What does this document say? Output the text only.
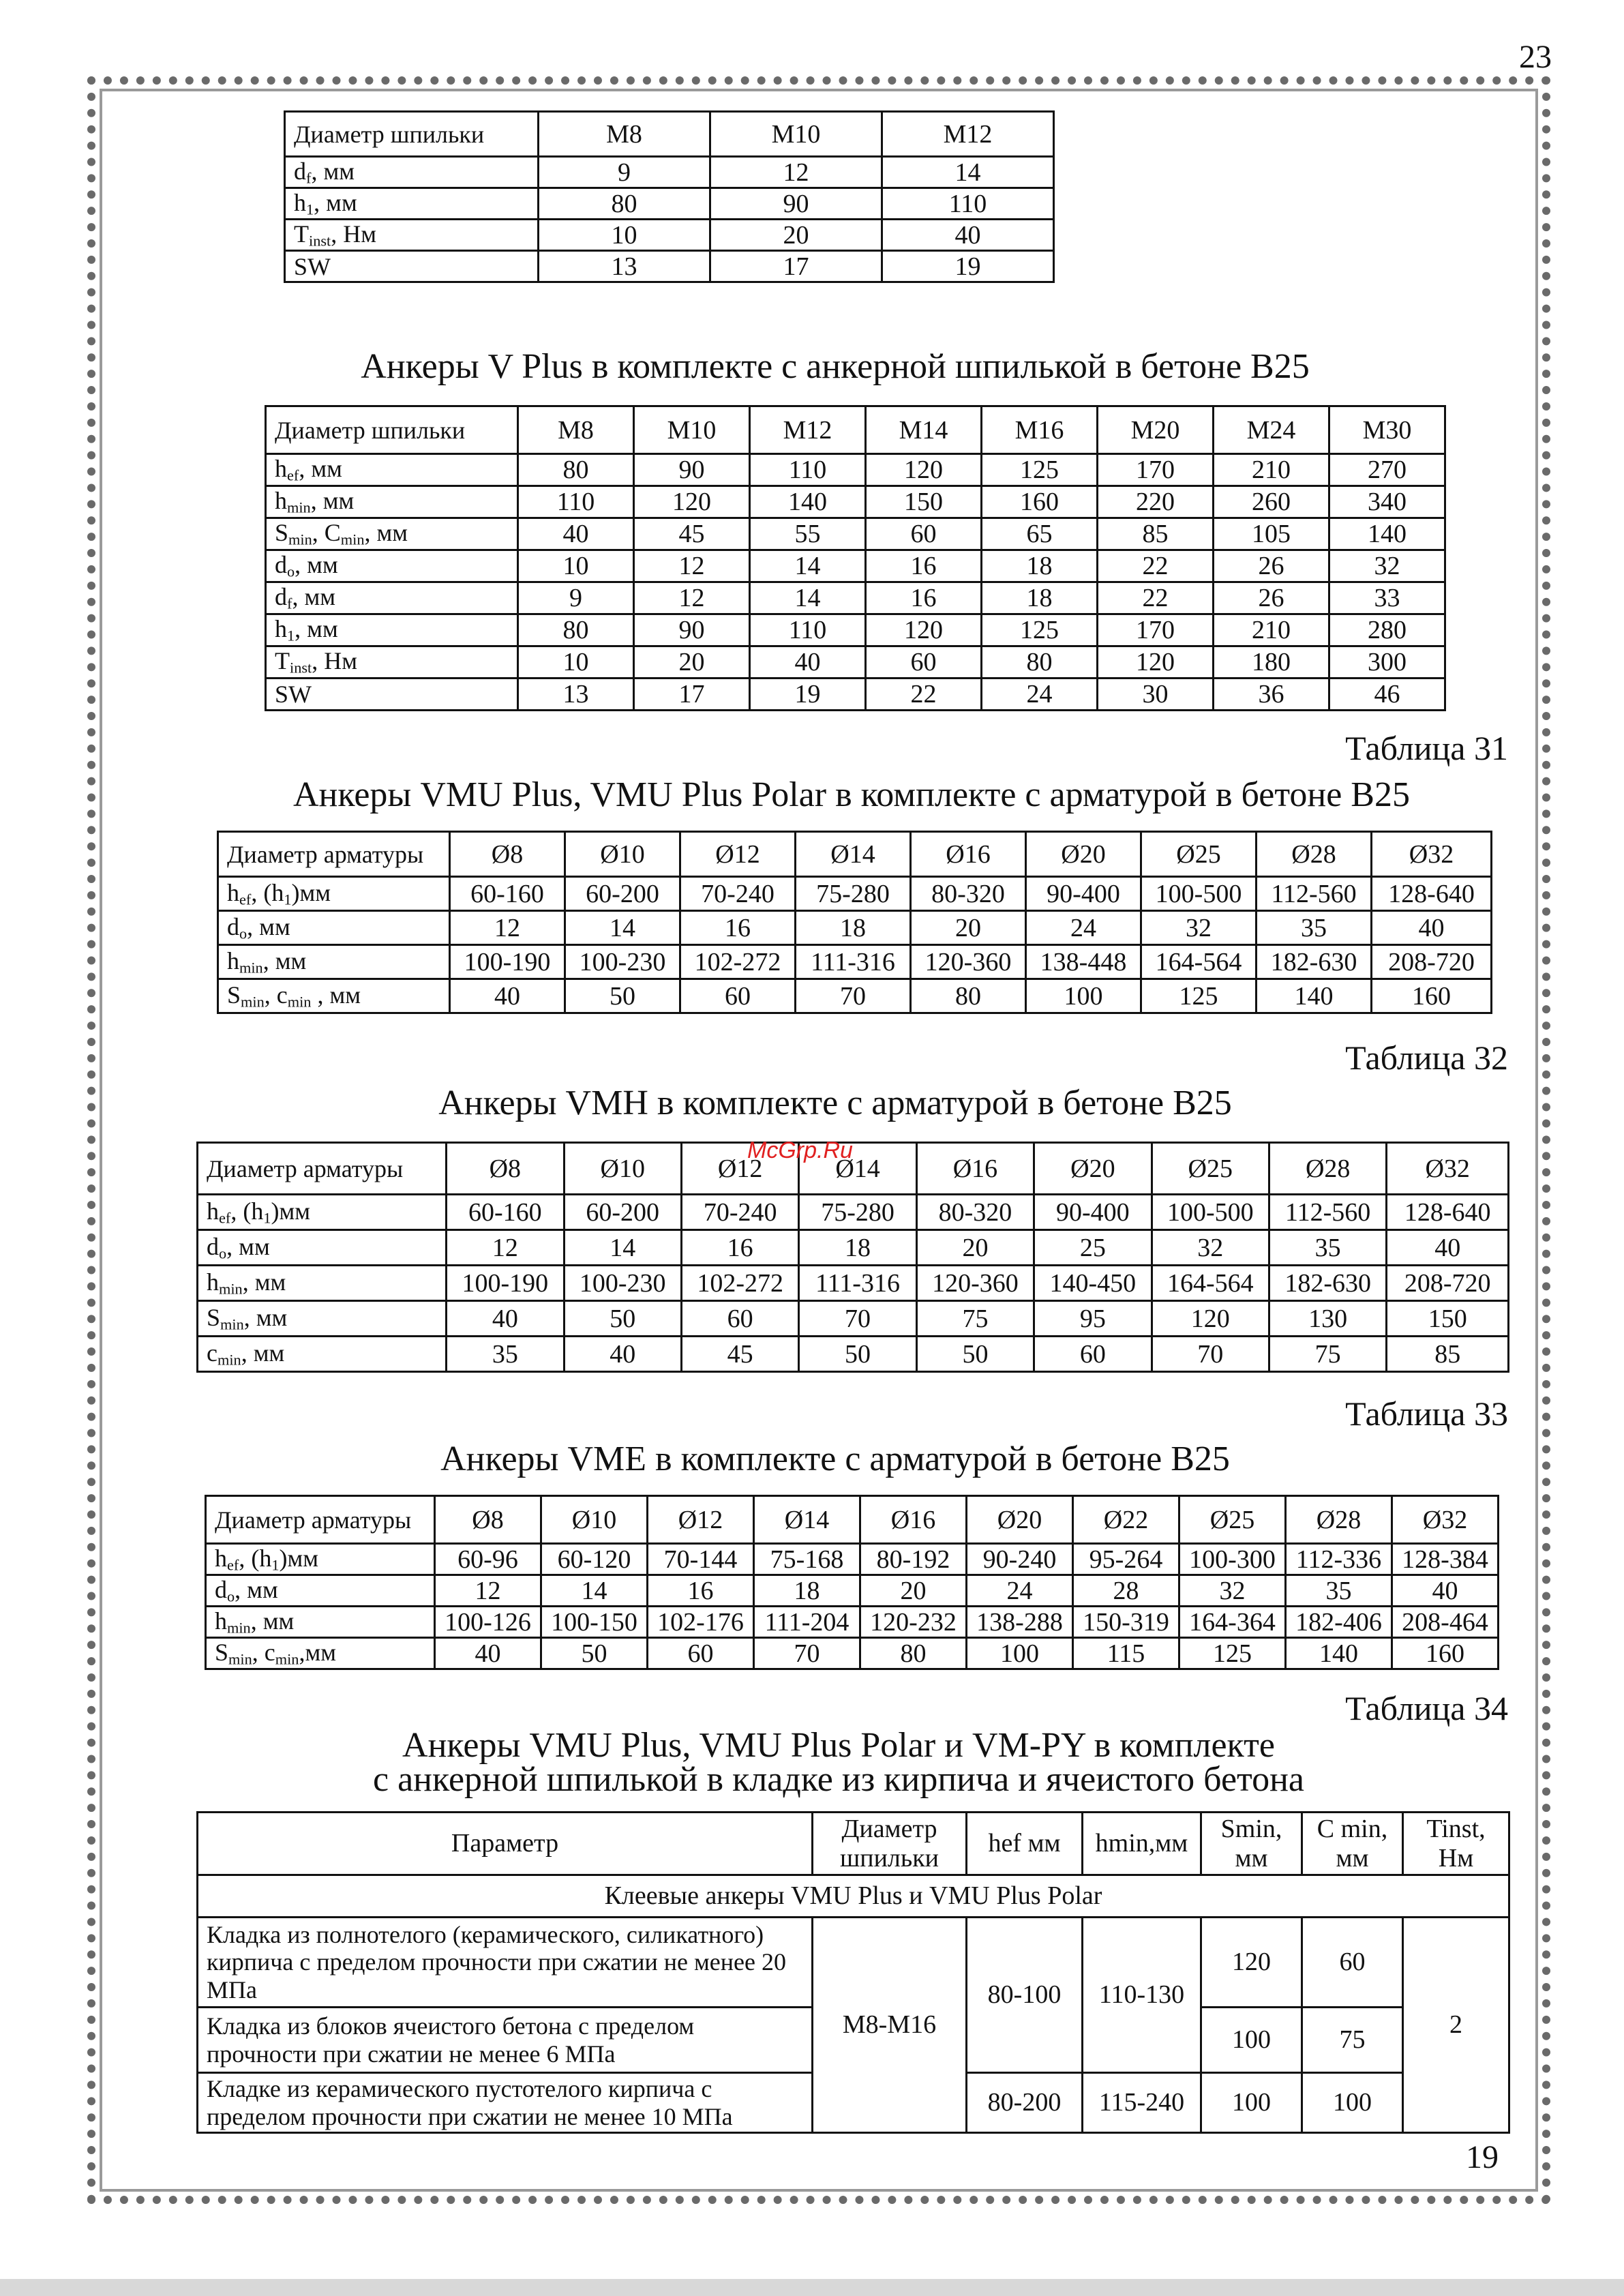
23
Диаметр шпильки	M8	M10	M12
$d_f$, мм	9	12	14
$h_1$, мм	80	90	110
$T_{inst}$, Нм	10	20	40
SW	13	17	19
Анкеры V Plus в комплекте с анкерной шпилькой в бетоне B25
Диаметр шпильки	M8	M10	M12	M14	M16	M20	M24	M30
$h_{ef}$, мм	80	90	110	120	125	170	210	270
$h_{min}$, мм	110	120	140	150	160	220	260	340
$S_{min}$, $C_{min}$, мм	40	45	55	60	65	85	105	140
$d_o$, мм	10	12	14	16	18	22	26	32
$d_f$, мм	9	12	14	16	18	22	26	33
$h_1$, мм	80	90	110	120	125	170	210	280
$T_{inst}$, Нм	10	20	40	60	80	120	180	300
SW	13	17	19	22	24	30	36	46
Таблица 31
Анкеры VMU Plus, VMU Plus Polar в комплекте с арматурой в бетоне B25
Диаметр арматуры	Ø8	Ø10	Ø12	Ø14	Ø16	Ø20	Ø25	Ø28	Ø32
$h_{ef}$, $(h_1)мм$	60-160	60-200	70-240	75-280	80-320	90-400	100-500	112-560	128-640
$d_o$, мм	12	14	16	18	20	24	32	35	40
$h_{min}$, мм	100-190	100-230	102-272	111-316	120-360	138-448	164-564	182-630	208-720
$S_{min}$, $c_{min}$ , мм	40	50	60	70	80	100	125	140	160
Таблица 32
Анкеры VMH в комплекте с арматурой в бетоне B25
Диаметр арматуры	Ø8	Ø10	Ø12	Ø14	Ø16	Ø20	Ø25	Ø28	Ø32
$h_{ef}$, $(h_1)мм$	60-160	60-200	70-240	75-280	80-320	90-400	100-500	112-560	128-640
$d_o$, мм	12	14	16	18	20	25	32	35	40
$h_{min}$, мм	100-190	100-230	102-272	111-316	120-360	140-450	164-564	182-630	208-720
$S_{min}$, мм	40	50	60	70	75	95	120	130	150
$c_{min}$, мм	35	40	45	50	50	60	70	75	85
McGrp.Ru
Таблица 33
Анкеры VME в комплекте с арматурой в бетоне B25
Диаметр арматуры	Ø8	Ø10	Ø12	Ø14	Ø16	Ø20	Ø22	Ø25	Ø28	Ø32
$h_{ef}$, $(h_1)мм$	60-96	60-120	70-144	75-168	80-192	90-240	95-264	100-300	112-336	128-384
$d_o$, мм	12	14	16	18	20	24	28	32	35	40
$h_{min}$, мм	100-126	100-150	102-176	111-204	120-232	138-288	150-319	164-364	182-406	208-464
$S_{min}$, $c_{min},мм$	40	50	60	70	80	100	115	125	140	160
Таблица 34
Анкеры VMU Plus, VMU Plus Polar и VM-PY в комплекте
с анкерной шпилькой в кладке из кирпича и ячеистого бетона
Параметр	Диаметр шпильки	hef мм	hmin,мм	Smin, мм	C min, мм	Tinst, Нм
Клеевые анкеры VMU Plus и VMU Plus Polar						
Кладка из полнотелого (керамического, силикатного) кирпича с пределом прочности при сжатии не менее 20 МПа	M8-M16	80-100	110-130	120	60	2
Кладка из блоков ячеистого бетона с пределом прочности при сжатии не менее 6 МПа				100	75	
Кладке из керамического пустотелого кирпича с пределом прочности при сжатии не менее 10 МПа		80-200	115-240	100	100	
19
